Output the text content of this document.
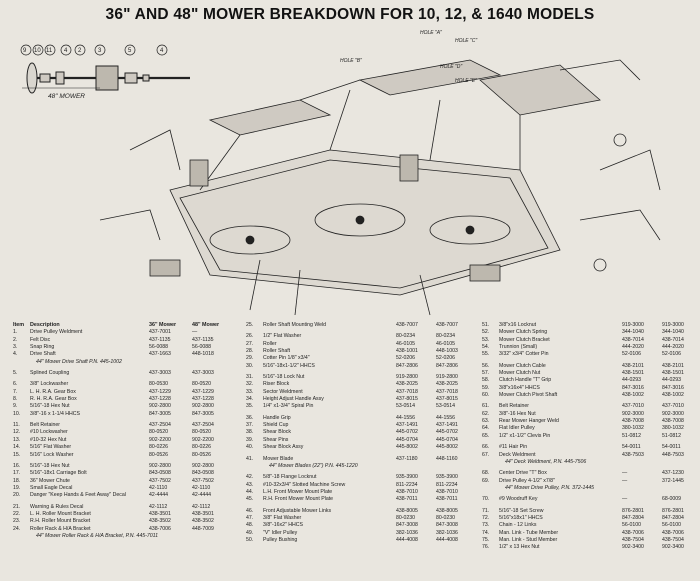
36" AND 48" MOWER BREAKDOWN FOR 10, 12, & 1640 MODELS
9 10 11 4 2	3	5	4
48" MOWER
HOLE "B"
HOLE "A"
HOLE "C"
HOLE "D"
HOLE "E"
Item Description	36" Mower	48" Mower
1. Drive Pulley Weldment	437-7001	—
2. Felt Disc	437-1135	437-1135
3. Snap Ring	56-0088	56-0088
4. Drive Shaft	437-1663	448-1018
44" Mower Drive Shaft P.N. 445-1002
5. Splined Coupling	437-3003	437-3003
6. 3/8" Lockwasher	80-0530	80-0520
7. L. H. R.A. Gear Box	437-1229	437-1229
8. R. H. R.A. Gear Box	437-1228	437-1228
9. 5/16"-18 Hex Nut	902-2800	902-2800
10. 3/8"-16 x 1-1/4 HHCS	847-3005	847-3005
11. Belt Retainer	437-2504	437-2504
12. #10 Lockwasher	80-0520	80-0520
13. #10-32 Hex Nut	902-2200	902-2200
14. 5/16" Flat Washer	80-0226	80-0226
15. 5/16" Lock Washer	80-0526	80-0526
16. 5/16"-18 Hex Nut	902-2800	902-2800
17. 5/16"-18x1 Carriage Bolt	843-0508	843-0508
18. 36" Mower Chute	437-7502	437-7502
19. Small Eagle Decal	42-1110	42-1110
20. Danger "Keep Hands & Feet Away" Decal	42-4444	42-4444
21. Warning & Rules Decal	42-1112	42-1112
22. L. H. Roller Mount Bracket	438-3501	438-3501
23. R.H. Roller Mount Bracket	438-3502	438-3502
24. Roller Rack & H/A Bracket	438-7006	448-7009
44" Mower Roller Rack & H/A Bracket, P.N. 445-7011
25. Roller Shaft Mounting Weld	438-7007	438-7007
26. 1/2" Flat Washer	80-0234	80-0234
27. Roller	46-0105	46-0105
28. Roller Shaft	438-1001	448-1003
29. Cotter Pin 1/8" x3/4"	52-0206	52-0206
30. 5/16"-18x1-1/2" HHCS	847-2806	847-2806
31. 5/16"-18 Lock Nut	919-2800	919-2800
32. Riser Block	438-2025	438-2025
33. Sector Weldment	437-7018	437-7018
34. Height Adjust Handle Assy	437-8015	437-8015
35. 1/4" x1-3/4" Spiral Pin	53-0514	53-0514
36. Handle Grip	44-1556	44-1556
37. Shield Cup	437-1491	437-1491
38. Shear Block	445-0702	445-0702
39. Shear Pins	445-0704	445-0704
40. Shear Block Assy	445-8002	445-8002
41. Mower Blade	437-1180	448-1160
44" Mower Blades (22") P.N. 445-1220
42. 5/8"-18 Flange Locknut	935-3900	935-3900
43. #10-32x3/4" Slotted Machine Screw	811-2234	811-2234
44. L.H. Front Mower Mount Plate	438-7010	438-7010
45. R.H. Front Mower Mount Plate	438-7011	438-7011
46. Front Adjustable Mower Links	438-8005	438-8005
47. 3/8" Flat Washer	80-0230	80-0230
48. 3/8"-16x2" HHCS	847-3008	847-3008
49. "V" Idler Pulley	382-1036	382-1036
50. Pulley Bushing	444-4008	444-4008
51. 3/8"x16 Locknut	919-3000	919-3000
52. Mower Clutch Spring	344-1040	344-1040
53. Mower Clutch Bracket	438-7014	438-7014
54. Trunnion (Small)	444-2020	444-2020
55. 3/32" x3/4" Cotter Pin	52-0106	52-0106
56. Mower Clutch Cable	438-2101	438-2101
57. Mower Clutch Nut	438-1501	438-1501
58. Clutch Handle "T" Grip	44-0293	44-0293
59. 3/8"x16x4" HHCS	847-3016	847-3016
60. Mower Clutch Pivot Shaft	438-1002	438-1002
61. Belt Retainer	437-7010	437-7010
62. 3/8"-16 Hex Nut	902-3000	902-3000
63. Rear Mower Hanger Weld	438-7008	438-7008
64. Flat Idler Pulley	380-1032	380-1032
65. 1/2" x1-1/2" Clevis Pin	51-0812	51-0812
66. #11 Hair Pin	54-0011	54-0011
67. Deck Weldment	438-7503	448-7503
44" Deck Weldment, P.N. 445-7506
68. Center Drive "T" Box	—	437-1230
69. Drive Pulley 4-1/2" x7/8"	—	372-1445
44" Mower Drive Pulley, P.N. 372-1445
70. #9 Woodruff Key	—	68-0009
71. 5/16"-18 Set Screw	876-2801	876-2801
72. 5/16"x18x1" HHCS	847-2804	847-2804
73. Chain - 12 Links	56-0100	56-0100
74. Man. Link - Tube Member	438-7006	438-7006
75. Man. Link - Stud Member	438-7504	438-7504
76. 1/2" x 13 Hex Nut	902-3400	902-3400
